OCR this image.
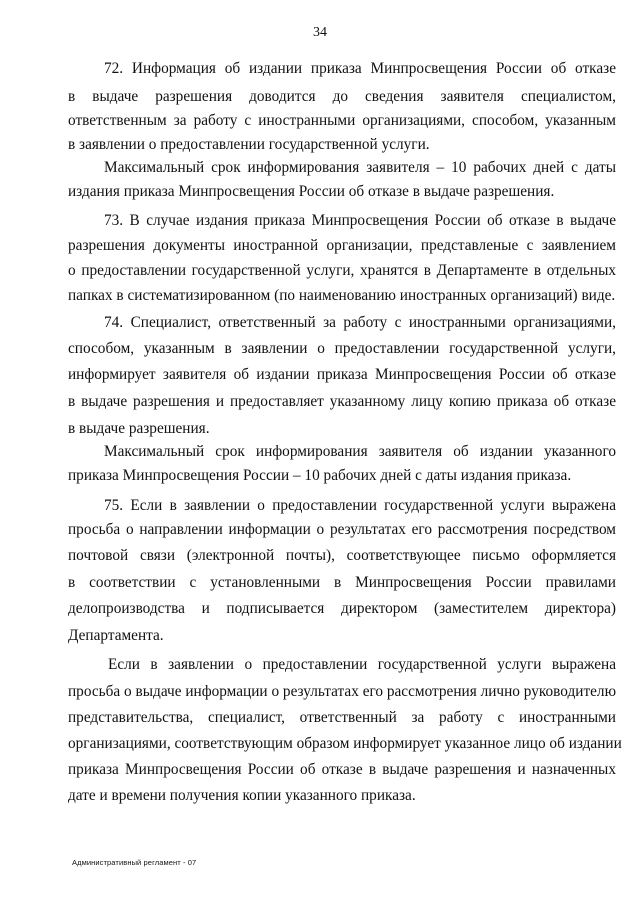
34
72. Информация об издании приказа Минпросвещения России об отказе
в выдаче разрешения доводится до сведения заявителя специалистом,
ответственным за работу с иностранными организациями, способом, указанным
в заявлении о предоставлении государственной услуги.
Максимальный срок информирования заявителя – 10 рабочих дней с даты
издания приказа Минпросвещения России об отказе в выдаче разрешения.
73. В случае издания приказа Минпросвещения России об отказе в выдаче
разрешения документы иностранной организации, представленые с заявлением
о предоставлении государственной услуги, хранятся в Департаменте в отдельных
папках в систематизированном (по наименованию иностранных организаций) виде.
74. Специалист, ответственный за работу с иностранными организациями,
способом, указанным в заявлении о предоставлении государственной услуги,
информирует заявителя об издании приказа Минпросвещения России об отказе
в выдаче разрешения и предоставляет указанному лицу копию приказа об отказе
в выдаче разрешения.
Максимальный срок информирования заявителя об издании указанного
приказа Минпросвещения России – 10 рабочих дней с даты издания приказа.
75. Если в заявлении о предоставлении государственной услуги выражена
просьба о направлении информации о результатах его рассмотрения посредством
почтовой связи (электронной почты), соответствующее письмо оформляется
в соответствии с установленными в Минпросвещения России правилами
делопроизводства и подписывается директором (заместителем директора)
Департамента.
Если в заявлении о предоставлении государственной услуги выражена
просьба о выдаче информации о результатах его рассмотрения лично руководителю
представительства, специалист, ответственный за работу с иностранными
организациями, соответствующим образом информирует указанное лицо об издании
приказа Минпросвещения России об отказе в выдаче разрешения и назначенных
дате и времени получения копии указанного приказа.
Административный регламент - 07
